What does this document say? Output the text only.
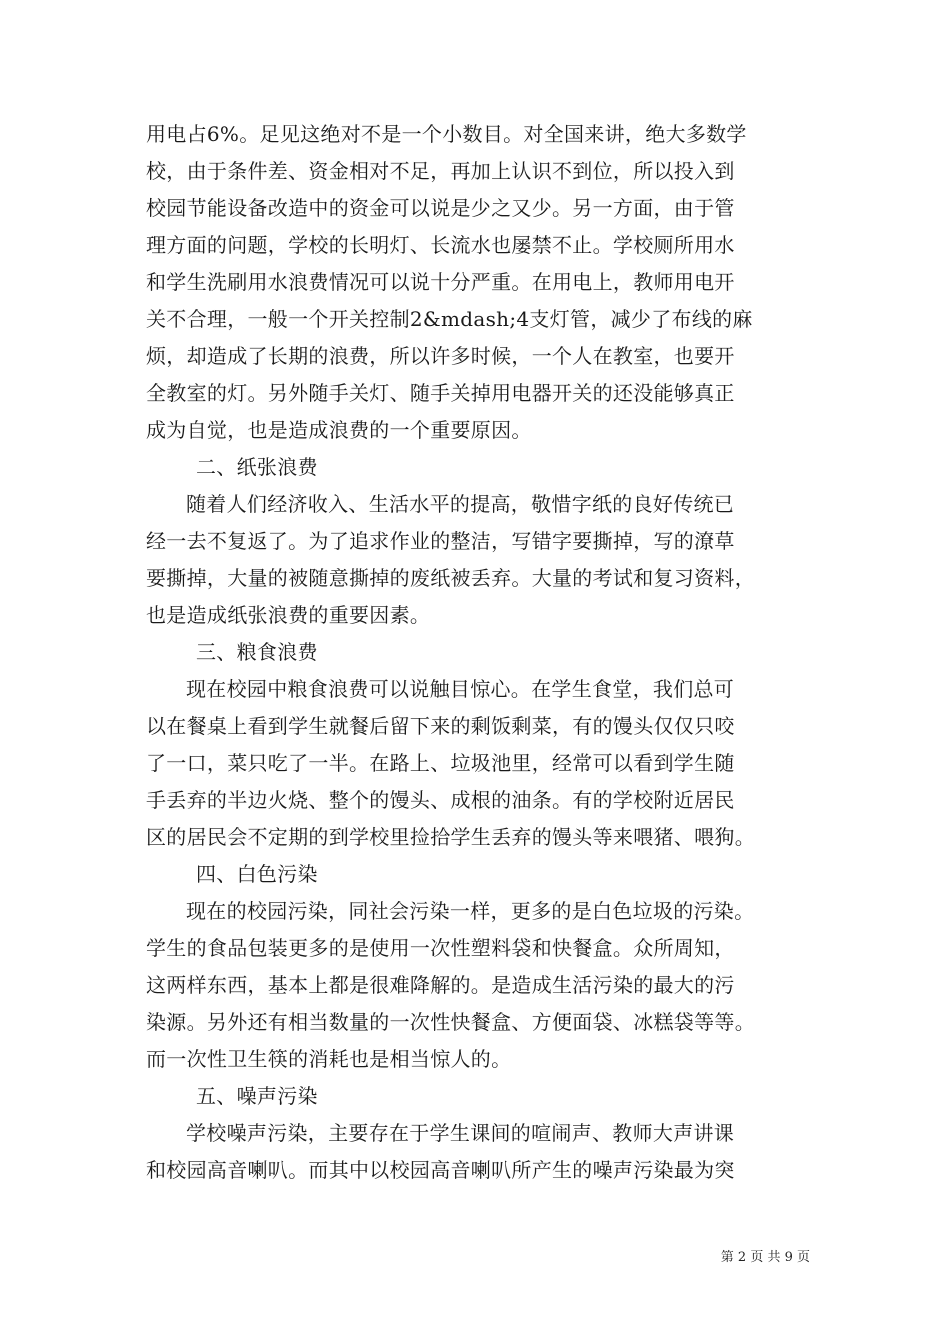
用电占6%。足见这绝对不是一个小数目。对全国来讲，绝大多数学
校，由于条件差、资金相对不足，再加上认识不到位，所以投入到
校园节能设备改造中的资金可以说是少之又少。另一方面，由于管
理方面的问题，学校的长明灯、长流水也屡禁不止。学校厕所用水
和学生洗刷用水浪费情况可以说十分严重。在用电上，教师用电开
关不合理，一般一个开关控制2&mdash;4支灯管，减少了布线的麻
烦，却造成了长期的浪费，所以许多时候，一个人在教室，也要开
全教室的灯。另外随手关灯、随手关掉用电器开关的还没能够真正
成为自觉，也是造成浪费的一个重要原因。
二、纸张浪费
随着人们经济收入、生活水平的提高，敬惜字纸的良好传统已
经一去不复返了。为了追求作业的整洁，写错字要撕掉，写的潦草
要撕掉，大量的被随意撕掉的废纸被丢弃。大量的考试和复习资料，
也是造成纸张浪费的重要因素。
三、粮食浪费
现在校园中粮食浪费可以说触目惊心。在学生食堂，我们总可
以在餐桌上看到学生就餐后留下来的剩饭剩菜，有的馒头仅仅只咬
了一口，菜只吃了一半。在路上、垃圾池里，经常可以看到学生随
手丢弃的半边火烧、整个的馒头、成根的油条。有的学校附近居民
区的居民会不定期的到学校里捡拾学生丢弃的馒头等来喂猪、喂狗。
四、白色污染
现在的校园污染，同社会污染一样，更多的是白色垃圾的污染。
学生的食品包装更多的是使用一次性塑料袋和快餐盒。众所周知，
这两样东西，基本上都是很难降解的。是造成生活污染的最大的污
染源。另外还有相当数量的一次性快餐盒、方便面袋、冰糕袋等等。
而一次性卫生筷的消耗也是相当惊人的。
五、噪声污染
学校噪声污染，主要存在于学生课间的喧闹声、教师大声讲课
和校园高音喇叭。而其中以校园高音喇叭所产生的噪声污染最为突
第 2 页 共 9 页
